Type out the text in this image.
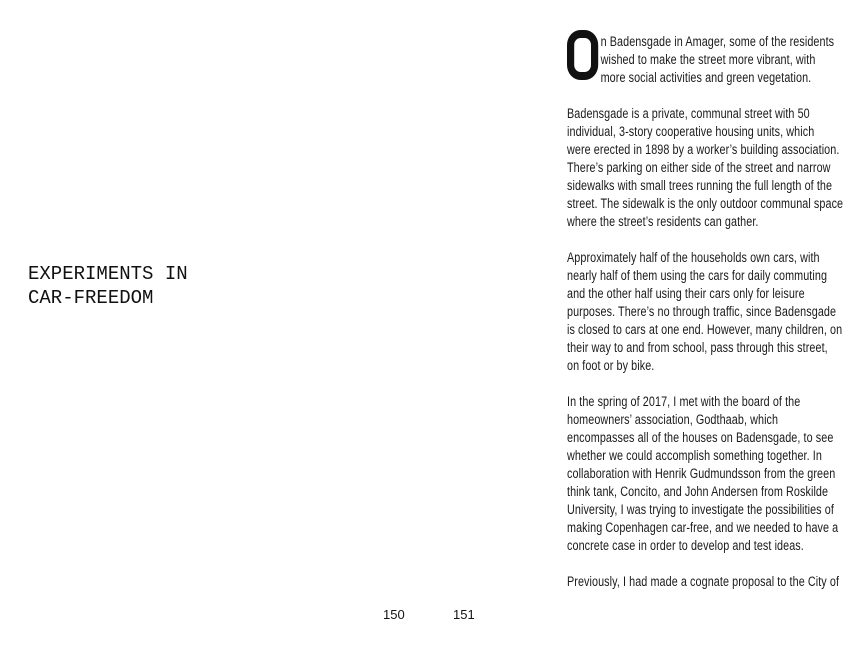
EXPERIMENTS IN
CAR-FREEDOM
n Badensgade in Amager, some of the residents
wished to make the street more vibrant, with
more social activities and green vegetation.
Badensgade is a private, communal street with 50
individual, 3-story cooperative housing units, which
were erected in 1898 by a worker’s building association.
There’s parking on either side of the street and narrow
sidewalks with small trees running the full length of the
street. The sidewalk is the only outdoor communal space
where the street’s residents can gather.
Approximately half of the households own cars, with
nearly half of them using the cars for daily commuting
and the other half using their cars only for leisure
purposes. There’s no through traffic, since Badensgade
is closed to cars at one end. However, many children, on
their way to and from school, pass through this street,
on foot or by bike.
In the spring of 2017, I met with the board of the
homeowners’ association, Godthaab, which
encompasses all of the houses on Badensgade, to see
whether we could accomplish something together. In
collaboration with Henrik Gudmundsson from the green
think tank, Concito, and John Andersen from Roskilde
University, I was trying to investigate the possibilities of
making Copenhagen car-free, and we needed to have a
concrete case in order to develop and test ideas.
Previously, I had made a cognate proposal to the City of
150	151
